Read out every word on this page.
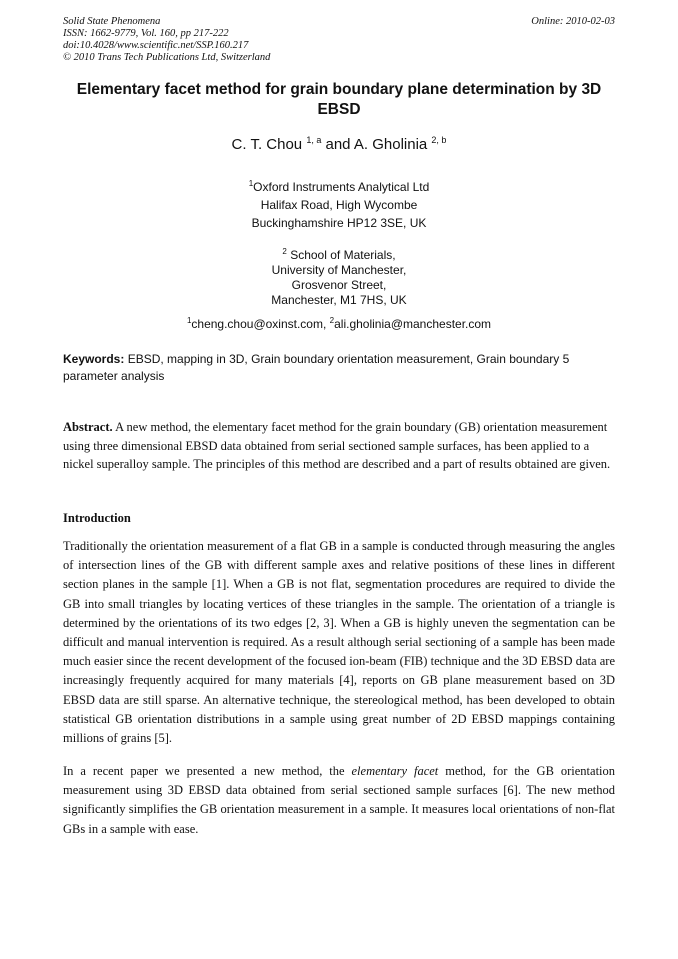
Solid State Phenomena
ISSN: 1662-9779, Vol. 160, pp 217-222
doi:10.4028/www.scientific.net/SSP.160.217
© 2010 Trans Tech Publications Ltd, Switzerland
Online: 2010-02-03
Elementary facet method for grain boundary plane determination by 3D EBSD
C. T. Chou $^{1, a}$ and A. Gholinia $^{2, b}$
$^1$Oxford Instruments Analytical Ltd
Halifax Road, High Wycombe
Buckinghamshire HP12 3SE, UK
$^2$ School of Materials,
University of Manchester,
Grosvenor Street,
Manchester, M1 7HS, UK
$^1$cheng.chou@oxinst.com, $^2$ali.gholinia@manchester.com
Keywords: EBSD, mapping in 3D, Grain boundary orientation measurement, Grain boundary 5 parameter analysis
Abstract. A new method, the elementary facet method for the grain boundary (GB) orientation measurement using three dimensional EBSD data obtained from serial sectioned sample surfaces, has been applied to a nickel superalloy sample. The principles of this method are described and a part of results obtained are given.
Introduction
Traditionally the orientation measurement of a flat GB in a sample is conducted through measuring the angles of intersection lines of the GB with different sample axes and relative positions of these lines in different section planes in the sample [1]. When a GB is not flat, segmentation procedures are required to divide the GB into small triangles by locating vertices of these triangles in the sample. The orientation of a triangle is determined by the orientations of its two edges [2, 3]. When a GB is highly uneven the segmentation can be difficult and manual intervention is required. As a result although serial sectioning of a sample has been made much easier since the recent development of the focused ion-beam (FIB) technique and the 3D EBSD data are increasingly frequently acquired for many materials [4], reports on GB plane measurement based on 3D EBSD data are still sparse. An alternative technique, the stereological method, has been developed to obtain statistical GB orientation distributions in a sample using great number of 2D EBSD mappings containing millions of grains [5].
In a recent paper we presented a new method, the elementary facet method, for the GB orientation measurement using 3D EBSD data obtained from serial sectioned sample surfaces [6]. The new method significantly simplifies the GB orientation measurement in a sample. It measures local orientations of non-flat GBs in a sample with ease.
